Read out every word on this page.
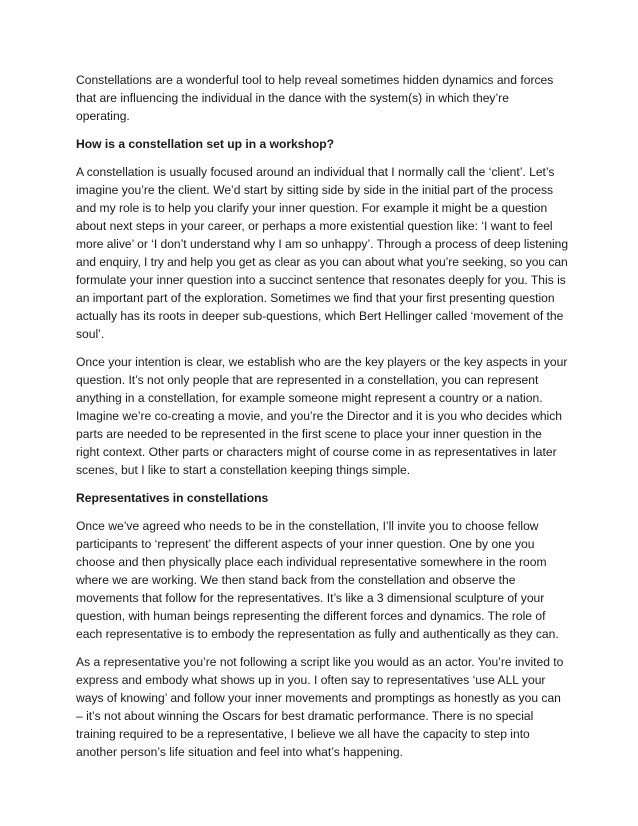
Constellations are a wonderful tool to help reveal sometimes hidden dynamics and forces
that are influencing the individual in the dance with the system(s) in which they’re
operating.

How is a constellation set up in a workshop?

A constellation is usually focused around an individual that I normally call the ‘client’. Let’s
imagine you’re the client. We’d start by sitting side by side in the initial part of the process
and my role is to help you clarify your inner question. For example it might be a question
about next steps in your career, or perhaps a more existential question like: ‘I want to feel
more alive’ or ‘I don’t understand why I am so unhappy’. Through a process of deep listening
and enquiry, I try and help you get as clear as you can about what you’re seeking, so you can
formulate your inner question into a succinct sentence that resonates deeply for you. This is
an important part of the exploration. Sometimes we find that your first presenting question
actually has its roots in deeper sub-questions, which Bert Hellinger called ‘movement of the
soul’.

Once your intention is clear, we establish who are the key players or the key aspects in your
question. It’s not only people that are represented in a constellation, you can represent
anything in a constellation, for example someone might represent a country or a nation.
Imagine we’re co-creating a movie, and you’re the Director and it is you who decides which
parts are needed to be represented in the first scene to place your inner question in the
right context. Other parts or characters might of course come in as representatives in later
scenes, but I like to start a constellation keeping things simple.

Representatives in constellations

Once we’ve agreed who needs to be in the constellation, I’ll invite you to choose fellow
participants to ‘represent’ the different aspects of your inner question. One by one you
choose and then physically place each individual representative somewhere in the room
where we are working. We then stand back from the constellation and observe the
movements that follow for the representatives. It’s like a 3 dimensional sculpture of your
question, with human beings representing the different forces and dynamics. The role of
each representative is to embody the representation as fully and authentically as they can.

As a representative you’re not following a script like you would as an actor. You’re invited to
express and embody what shows up in you. I often say to representatives ‘use ALL your
ways of knowing’ and follow your inner movements and promptings as honestly as you can
– it’s not about winning the Oscars for best dramatic performance. There is no special
training required to be a representative, I believe we all have the capacity to step into
another person’s life situation and feel into what’s happening.
